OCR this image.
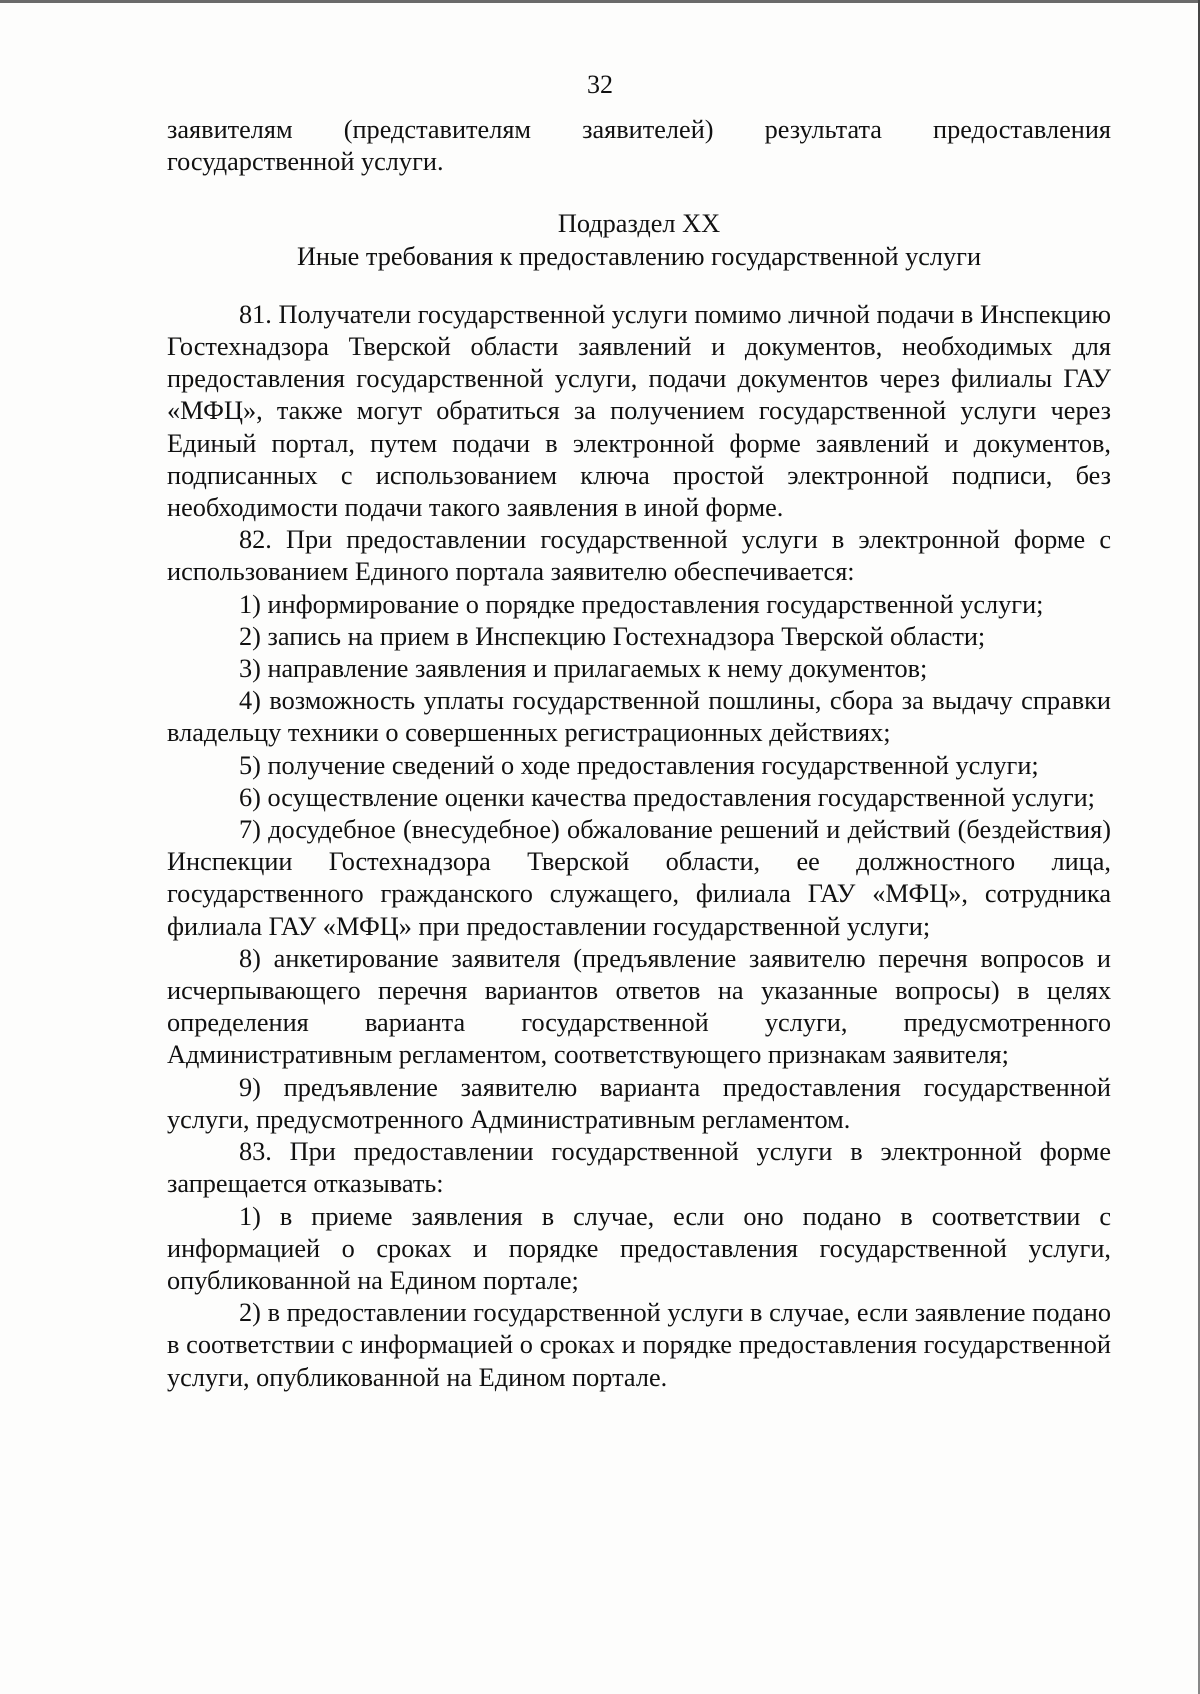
32

заявителям (представителям заявителей) результата предоставления государственной услуги.

Подраздел XX

Иные требования к предоставлению государственной услуги

81. Получатели государственной услуги помимо личной подачи в Инспекцию Гостехнадзора Тверской области заявлений и документов, необходимых для предоставления государственной услуги, подачи документов через филиалы ГАУ «МФЦ», также могут обратиться за получением государственной услуги через Единый портал, путем подачи в электронной форме заявлений и документов, подписанных с использованием ключа простой электронной подписи, без необходимости подачи такого заявления в иной форме.

82. При предоставлении государственной услуги в электронной форме с использованием Единого портала заявителю обеспечивается:

1) информирование о порядке предоставления государственной услуги;

2) запись на прием в Инспекцию Гостехнадзора Тверской области;

3) направление заявления и прилагаемых к нему документов;

4) возможность уплаты государственной пошлины, сбора за выдачу справки владельцу техники о совершенных регистрационных действиях;

5) получение сведений о ходе предоставления государственной услуги;

6) осуществление оценки качества предоставления государственной услуги;

7) досудебное (внесудебное) обжалование решений и действий (бездействия) Инспекции Гостехнадзора Тверской области, ее должностного лица, государственного гражданского служащего, филиала ГАУ «МФЦ», сотрудника филиала ГАУ «МФЦ» при предоставлении государственной услуги;

8) анкетирование заявителя (предъявление заявителю перечня вопросов и исчерпывающего перечня вариантов ответов на указанные вопросы) в целях определения варианта государственной услуги, предусмотренного Административным регламентом, соответствующего признакам заявителя;

9) предъявление заявителю варианта предоставления государственной услуги, предусмотренного Административным регламентом.

83. При предоставлении государственной услуги в электронной форме запрещается отказывать:

1) в приеме заявления в случае, если оно подано в соответствии с информацией о сроках и порядке предоставления государственной услуги, опубликованной на Едином портале;

2) в предоставлении государственной услуги в случае, если заявление подано в соответствии с информацией о сроках и порядке предоставления государственной услуги, опубликованной на Едином портале.
